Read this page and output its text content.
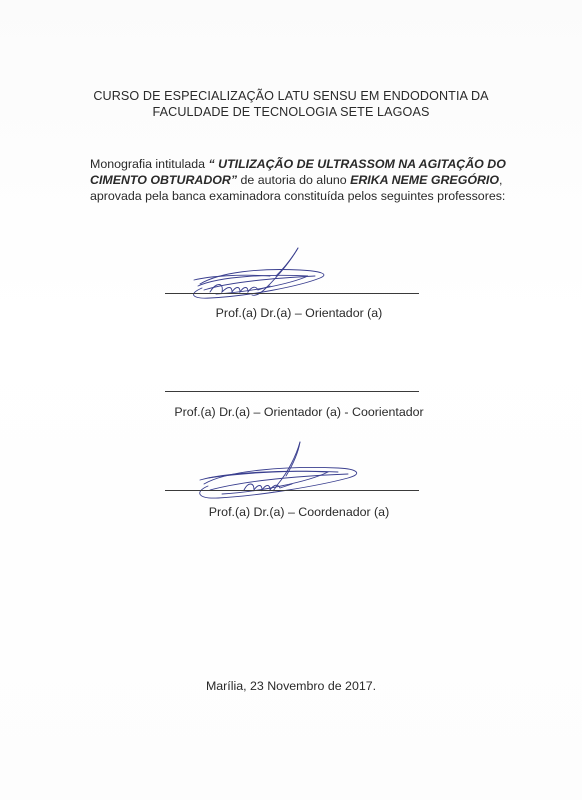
CURSO DE ESPECIALIZAÇÃO LATU SENSU EM ENDODONTIA DA
FACULDADE DE TECNOLOGIA SETE LAGOAS
Monografia intitulada “ UTILIZAÇÃO DE ULTRASSOM NA AGITAÇÃO DO
CIMENTO OBTURADOR” de autoria do aluno ERIKA NEME GREGÓRIO,
aprovada pela banca examinadora constituída pelos seguintes professores:
Prof.(a) Dr.(a) – Orientador (a)
Prof.(a) Dr.(a) – Orientador (a) - Coorientador
Prof.(a) Dr.(a) – Coordenador (a)
Marília, 23 Novembro de 2017.
